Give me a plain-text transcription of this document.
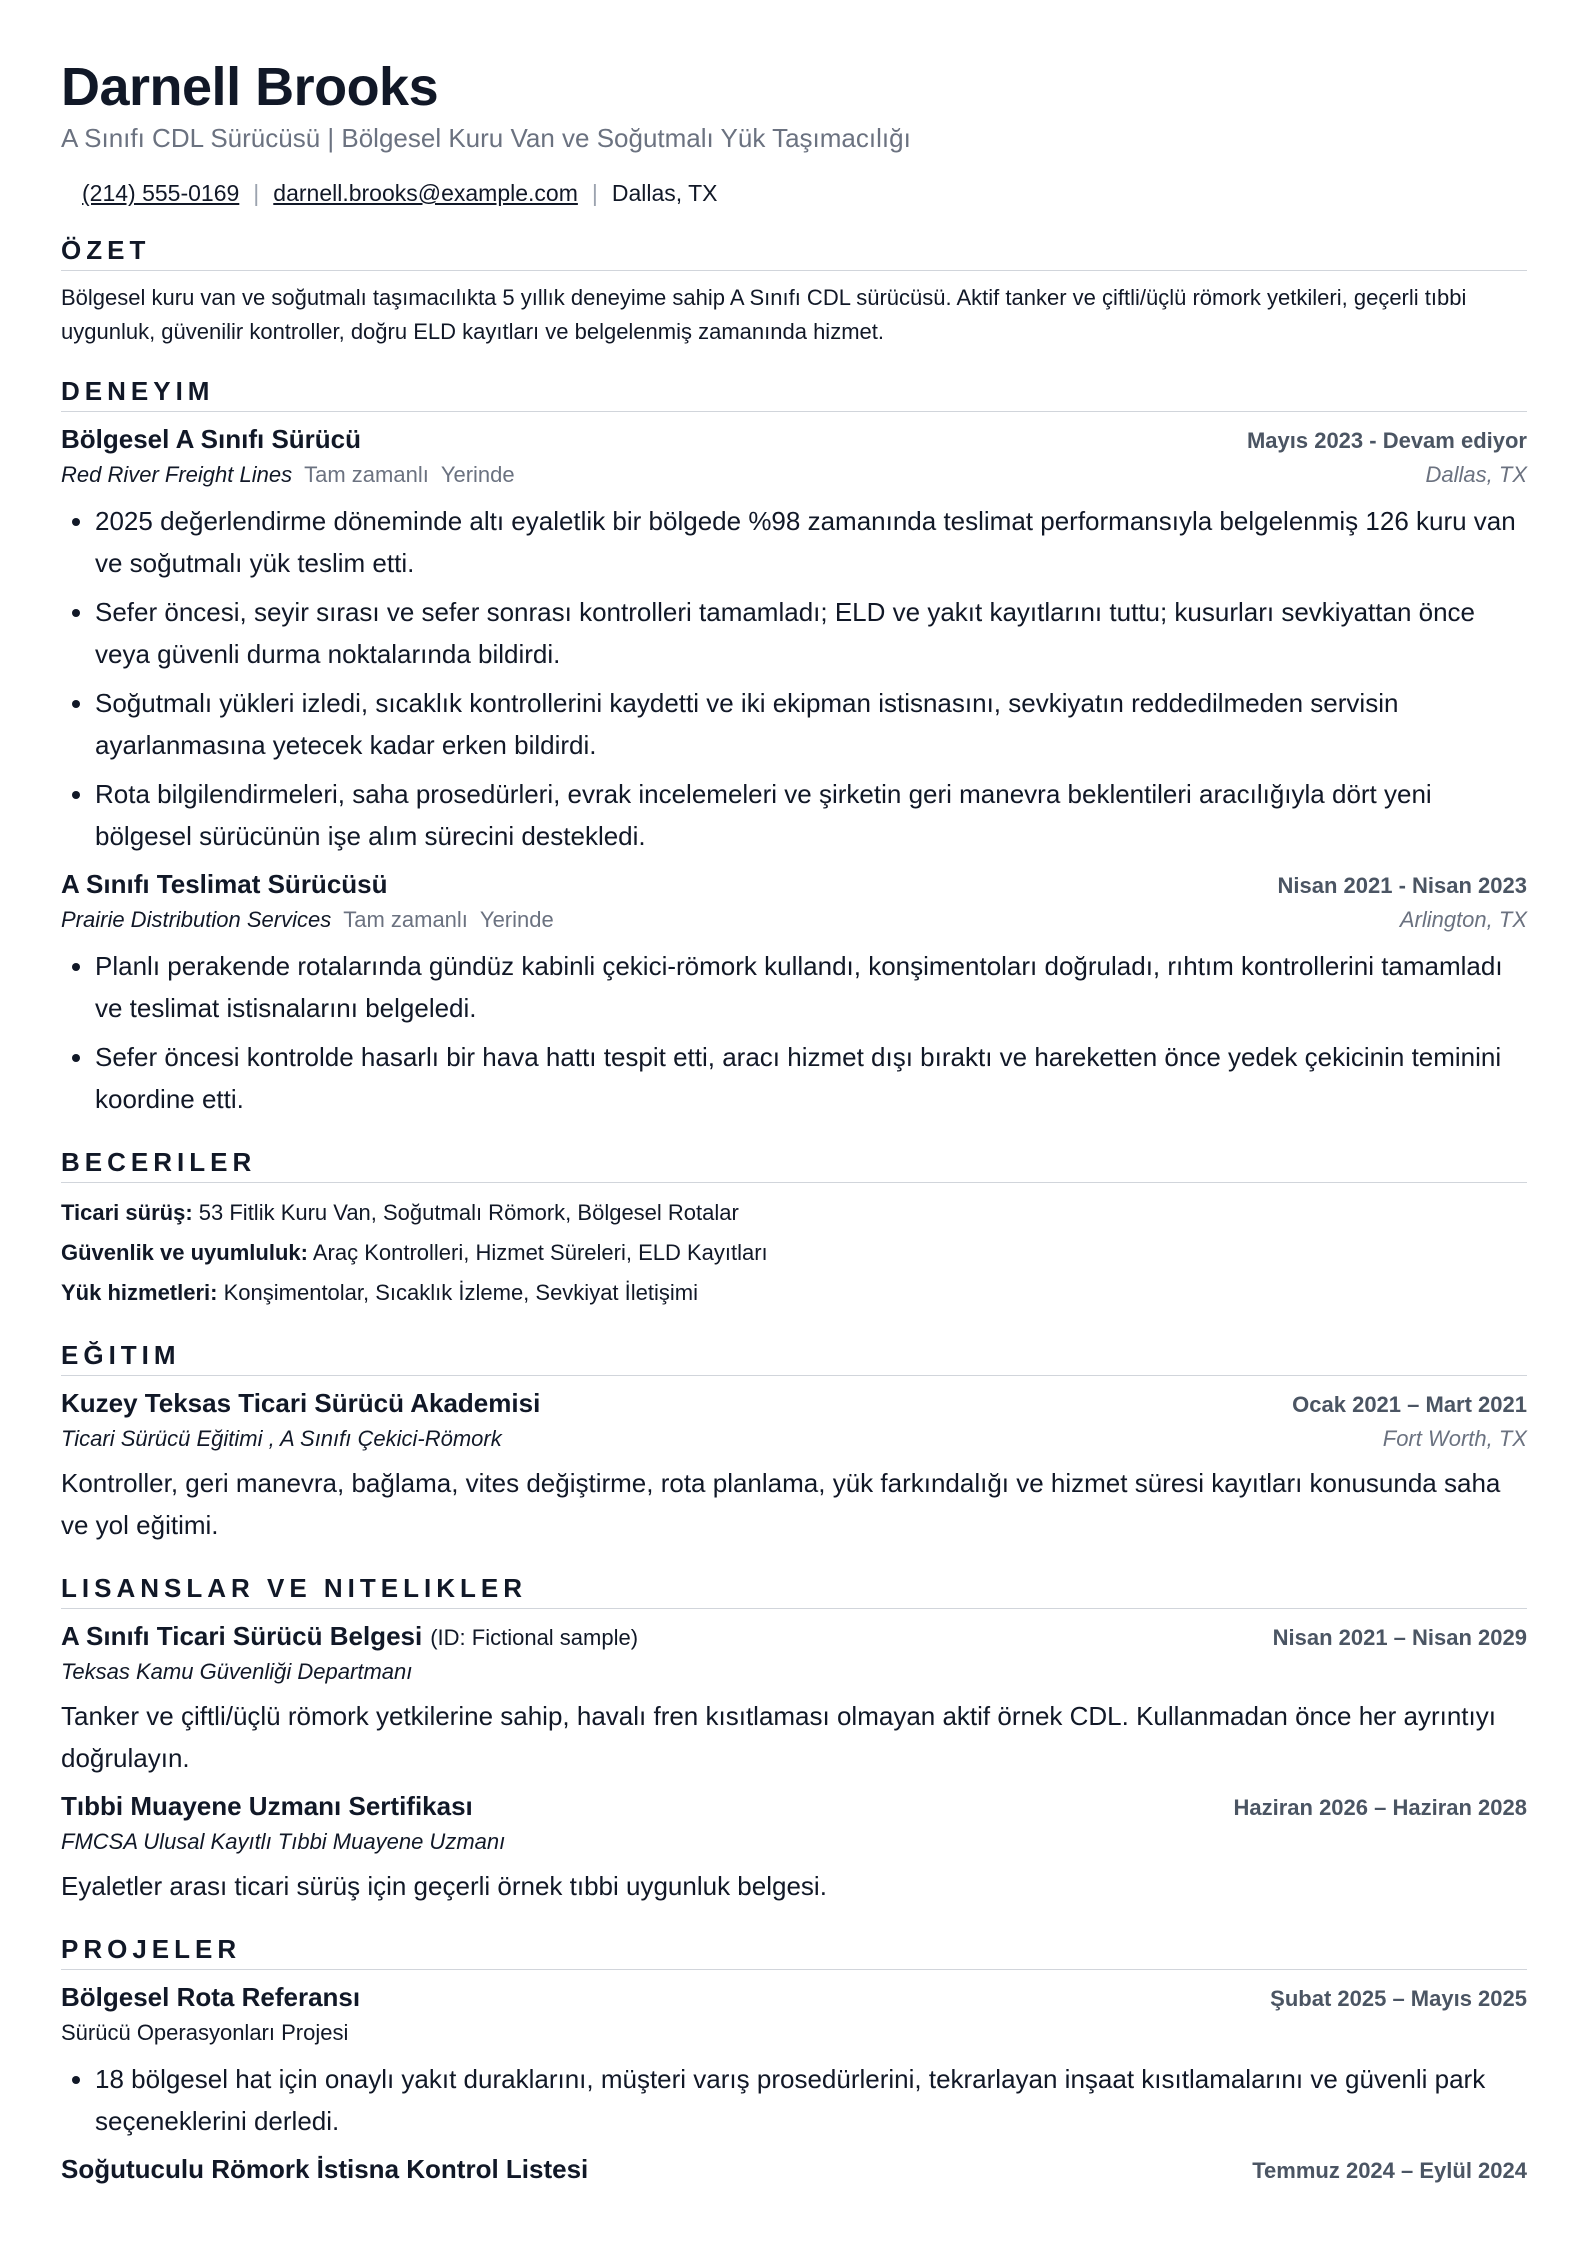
Darnell Brooks
A Sınıfı CDL Sürücüsü | Bölgesel Kuru Van ve Soğutmalı Yük Taşımacılığı
(214) 555-0169 | darnell.brooks@example.com | Dallas, TX
ÖZET
Bölgesel kuru van ve soğutmalı taşımacılıkta 5 yıllık deneyime sahip A Sınıfı CDL sürücüsü. Aktif tanker ve çiftli/üçlü römork yetkileri, geçerli tıbbi uygunluk, güvenilir kontroller, doğru ELD kayıtları ve belgelenmiş zamanında hizmet.
DENEYIM
Bölgesel A Sınıfı Sürücü	Mayıs 2023 - Devam ediyor
Red River Freight Lines Tam zamanlı Yerinde	Dallas, TX
• 2025 değerlendirme döneminde altı eyaletlik bir bölgede %98 zamanında teslimat performansıyla belgelenmiş 126 kuru van ve soğutmalı yük teslim etti.
• Sefer öncesi, seyir sırası ve sefer sonrası kontrolleri tamamladı; ELD ve yakıt kayıtlarını tuttu; kusurları sevkiyattan önce veya güvenli durma noktalarında bildirdi.
• Soğutmalı yükleri izledi, sıcaklık kontrollerini kaydetti ve iki ekipman istisnasını, sevkiyatın reddedilmeden servisin ayarlanmasına yetecek kadar erken bildirdi.
• Rota bilgilendirmeleri, saha prosedürleri, evrak incelemeleri ve şirketin geri manevra beklentileri aracılığıyla dört yeni bölgesel sürücünün işe alım sürecini destekledi.
A Sınıfı Teslimat Sürücüsü	Nisan 2021 - Nisan 2023
Prairie Distribution Services Tam zamanlı Yerinde	Arlington, TX
• Planlı perakende rotalarında gündüz kabinli çekici-römork kullandı, konşimentoları doğruladı, rıhtım kontrollerini tamamladı ve teslimat istisnalarını belgeledi.
• Sefer öncesi kontrolde hasarlı bir hava hattı tespit etti, aracı hizmet dışı bıraktı ve hareketten önce yedek çekicinin teminini koordine etti.
BECERILER
Ticari sürüş: 53 Fitlik Kuru Van, Soğutmalı Römork, Bölgesel Rotalar
Güvenlik ve uyumluluk: Araç Kontrolleri, Hizmet Süreleri, ELD Kayıtları
Yük hizmetleri: Konşimentolar, Sıcaklık İzleme, Sevkiyat İletişimi
EĞITIM
Kuzey Teksas Ticari Sürücü Akademisi	Ocak 2021 – Mart 2021
Ticari Sürücü Eğitimi , A Sınıfı Çekici-Römork	Fort Worth, TX
Kontroller, geri manevra, bağlama, vites değiştirme, rota planlama, yük farkındalığı ve hizmet süresi kayıtları konusunda saha ve yol eğitimi.
LISANSLAR VE NITELIKLER
A Sınıfı Ticari Sürücü Belgesi (ID: Fictional sample)	Nisan 2021 – Nisan 2029
Teksas Kamu Güvenliği Departmanı
Tanker ve çiftli/üçlü römork yetkilerine sahip, havalı fren kısıtlaması olmayan aktif örnek CDL. Kullanmadan önce her ayrıntıyı doğrulayın.
Tıbbi Muayene Uzmanı Sertifikası	Haziran 2026 – Haziran 2028
FMCSA Ulusal Kayıtlı Tıbbi Muayene Uzmanı
Eyaletler arası ticari sürüş için geçerli örnek tıbbi uygunluk belgesi.
PROJELER
Bölgesel Rota Referansı	Şubat 2025 – Mayıs 2025
Sürücü Operasyonları Projesi
• 18 bölgesel hat için onaylı yakıt duraklarını, müşteri varış prosedürlerini, tekrarlayan inşaat kısıtlamalarını ve güvenli park seçeneklerini derledi.
Soğutuculu Römork İstisna Kontrol Listesi	Temmuz 2024 – Eylül 2024
